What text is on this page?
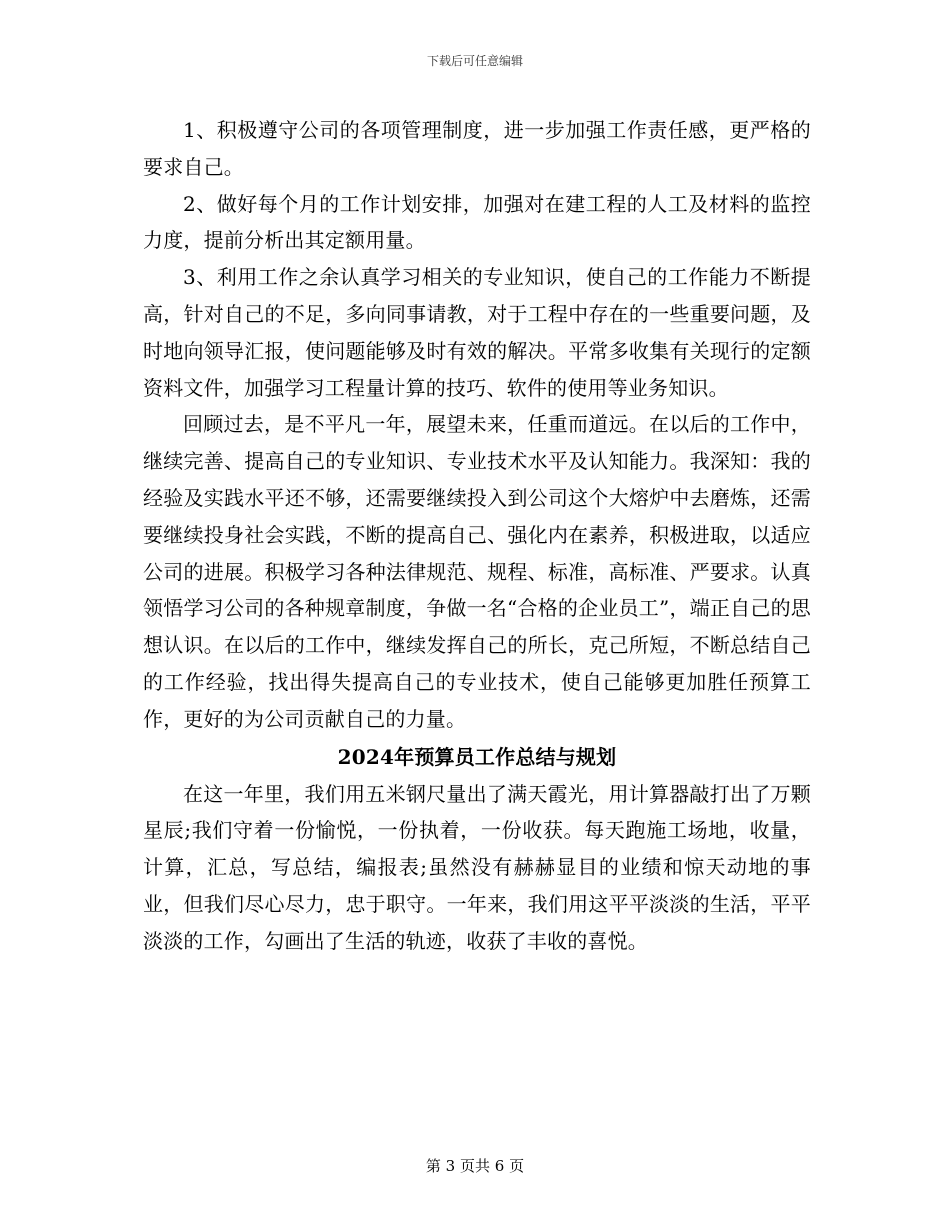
下载后可任意编辑

1、积极遵守公司的各项管理制度，进一步加强工作责任感，更严格的要求自己。

2、做好每个月的工作计划安排，加强对在建工程的人工及材料的监控力度，提前分析出其定额用量。

3、利用工作之余认真学习相关的专业知识，使自己的工作能力不断提高，针对自己的不足，多向同事请教，对于工程中存在的一些重要问题，及时地向领导汇报，使问题能够及时有效的解决。平常多收集有关现行的定额资料文件，加强学习工程量计算的技巧、软件的使用等业务知识。

回顾过去，是不平凡一年，展望未来，任重而道远。在以后的工作中，继续完善、提高自己的专业知识、专业技术水平及认知能力。我深知：我的经验及实践水平还不够，还需要继续投入到公司这个大熔炉中去磨炼，还需要继续投身社会实践，不断的提高自己、强化内在素养，积极进取，以适应公司的进展。积极学习各种法律规范、规程、标准，高标准、严要求。认真领悟学习公司的各种规章制度，争做一名“合格的企业员工”，端正自己的思想认识。在以后的工作中，继续发挥自己的所长，克己所短，不断总结自己的工作经验，找出得失提高自己的专业技术，使自己能够更加胜任预算工作，更好的为公司贡献自己的力量。

2024年预算员工作总结与规划

在这一年里，我们用五米钢尺量出了满天霞光，用计算器敲打出了万颗星辰;我们守着一份愉悦，一份执着，一份收获。每天跑施工场地，收量，计算，汇总，写总结，编报表;虽然没有赫赫显目的业绩和惊天动地的事业，但我们尽心尽力，忠于职守。一年来，我们用这平平淡淡的生活，平平淡淡的工作，勾画出了生活的轨迹，收获了丰收的喜悦。

第 3 页共 6 页
